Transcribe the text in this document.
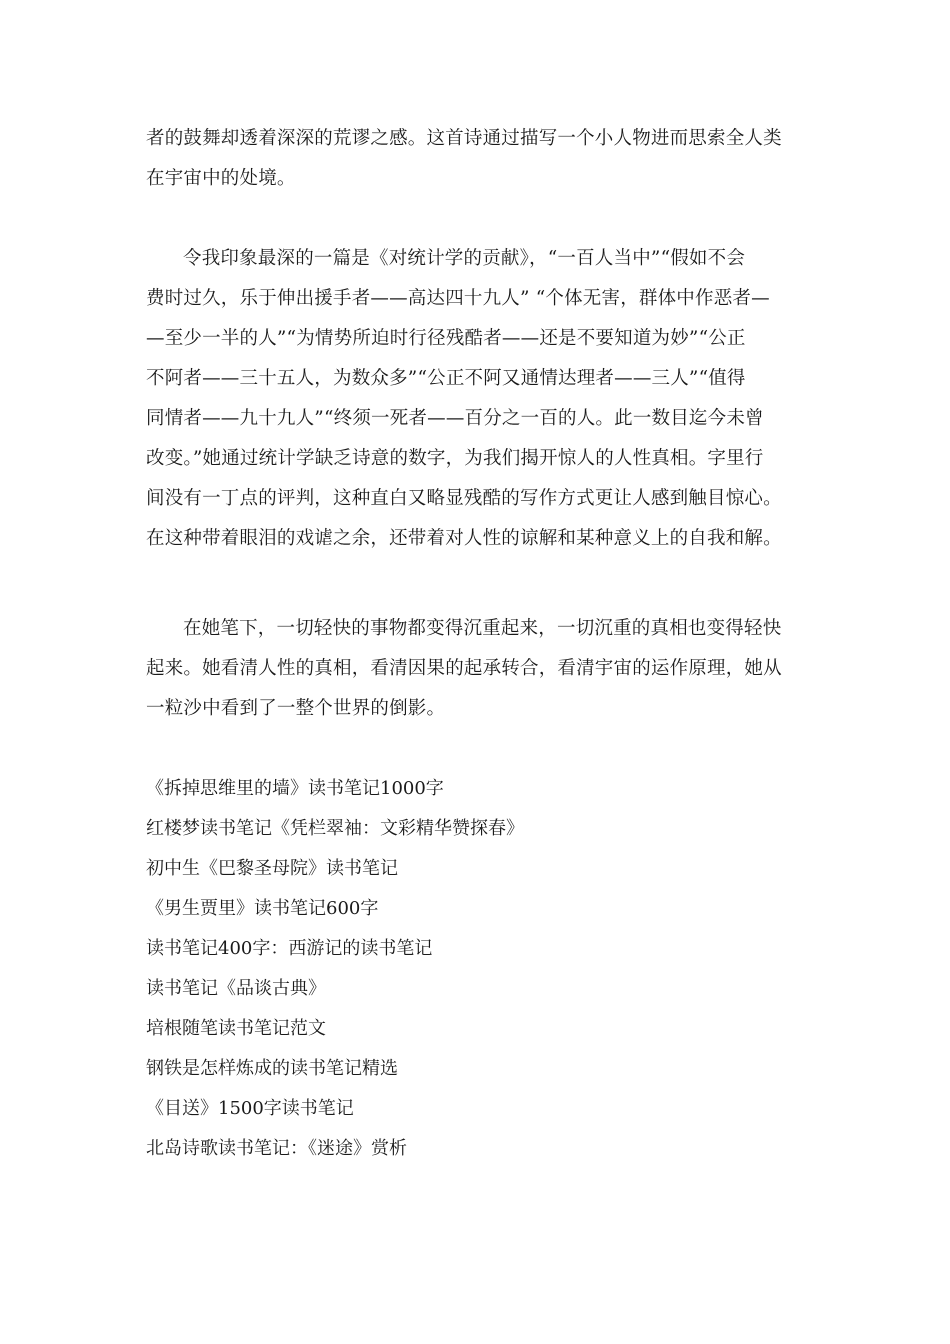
者的鼓舞却透着深深的荒谬之感。这首诗通过描写一个小人物进而思索全人类
在宇宙中的处境。

令我印象最深的一篇是《对统计学的贡献》，“一百人当中”“假如不会
费时过久，乐于伸出援手者——高达四十九人” “个体无害，群体中作恶者—
—至少一半的人”“为情势所迫时行径残酷者——还是不要知道为妙”“公正
不阿者——三十五人，为数众多”“公正不阿又通情达理者——三人”“值得
同情者——九十九人”“终须一死者——百分之一百的人。此一数目迄今未曾
改变。”她通过统计学缺乏诗意的数字，为我们揭开惊人的人性真相。字里行
间没有一丁点的评判，这种直白又略显残酷的写作方式更让人感到触目惊心。
在这种带着眼泪的戏谑之余，还带着对人性的谅解和某种意义上的自我和解。

在她笔下，一切轻快的事物都变得沉重起来，一切沉重的真相也变得轻快
起来。她看清人性的真相，看清因果的起承转合，看清宇宙的运作原理，她从
一粒沙中看到了一整个世界的倒影。

《拆掉思维里的墙》读书笔记1000字
红楼梦读书笔记《凭栏翠袖：文彩精华赞探春》
初中生《巴黎圣母院》读书笔记
《男生贾里》读书笔记600字
读书笔记400字：西游记的读书笔记
读书笔记《品谈古典》
培根随笔读书笔记范文
钢铁是怎样炼成的读书笔记精选
《目送》1500字读书笔记
北岛诗歌读书笔记：《迷途》赏析
